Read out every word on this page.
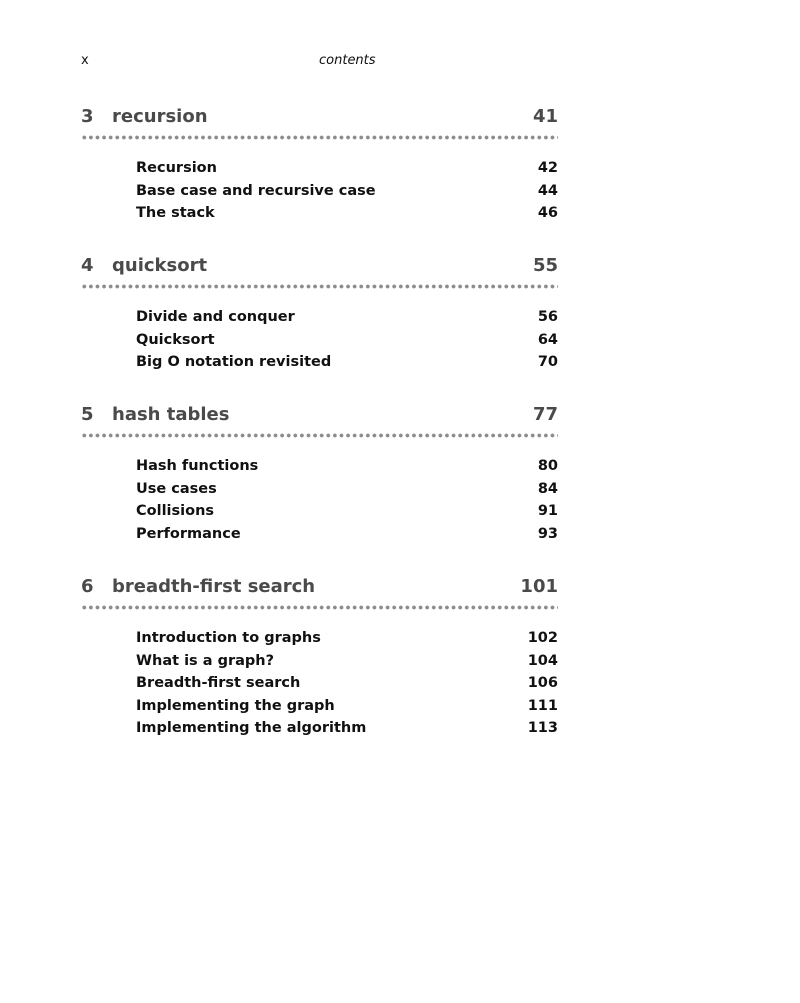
x	contents
3 recursion	41
Recursion	42
Base case and recursive case	44
The stack	46
4 quicksort	55
Divide and conquer	56
Quicksort	64
Big O notation revisited	70
5 hash tables	77
Hash functions	80
Use cases	84
Collisions	91
Performance	93
6 breadth-first search	101
Introduction to graphs	102
What is a graph?	104
Breadth-first search	106
Implementing the graph	111
Implementing the algorithm	113
